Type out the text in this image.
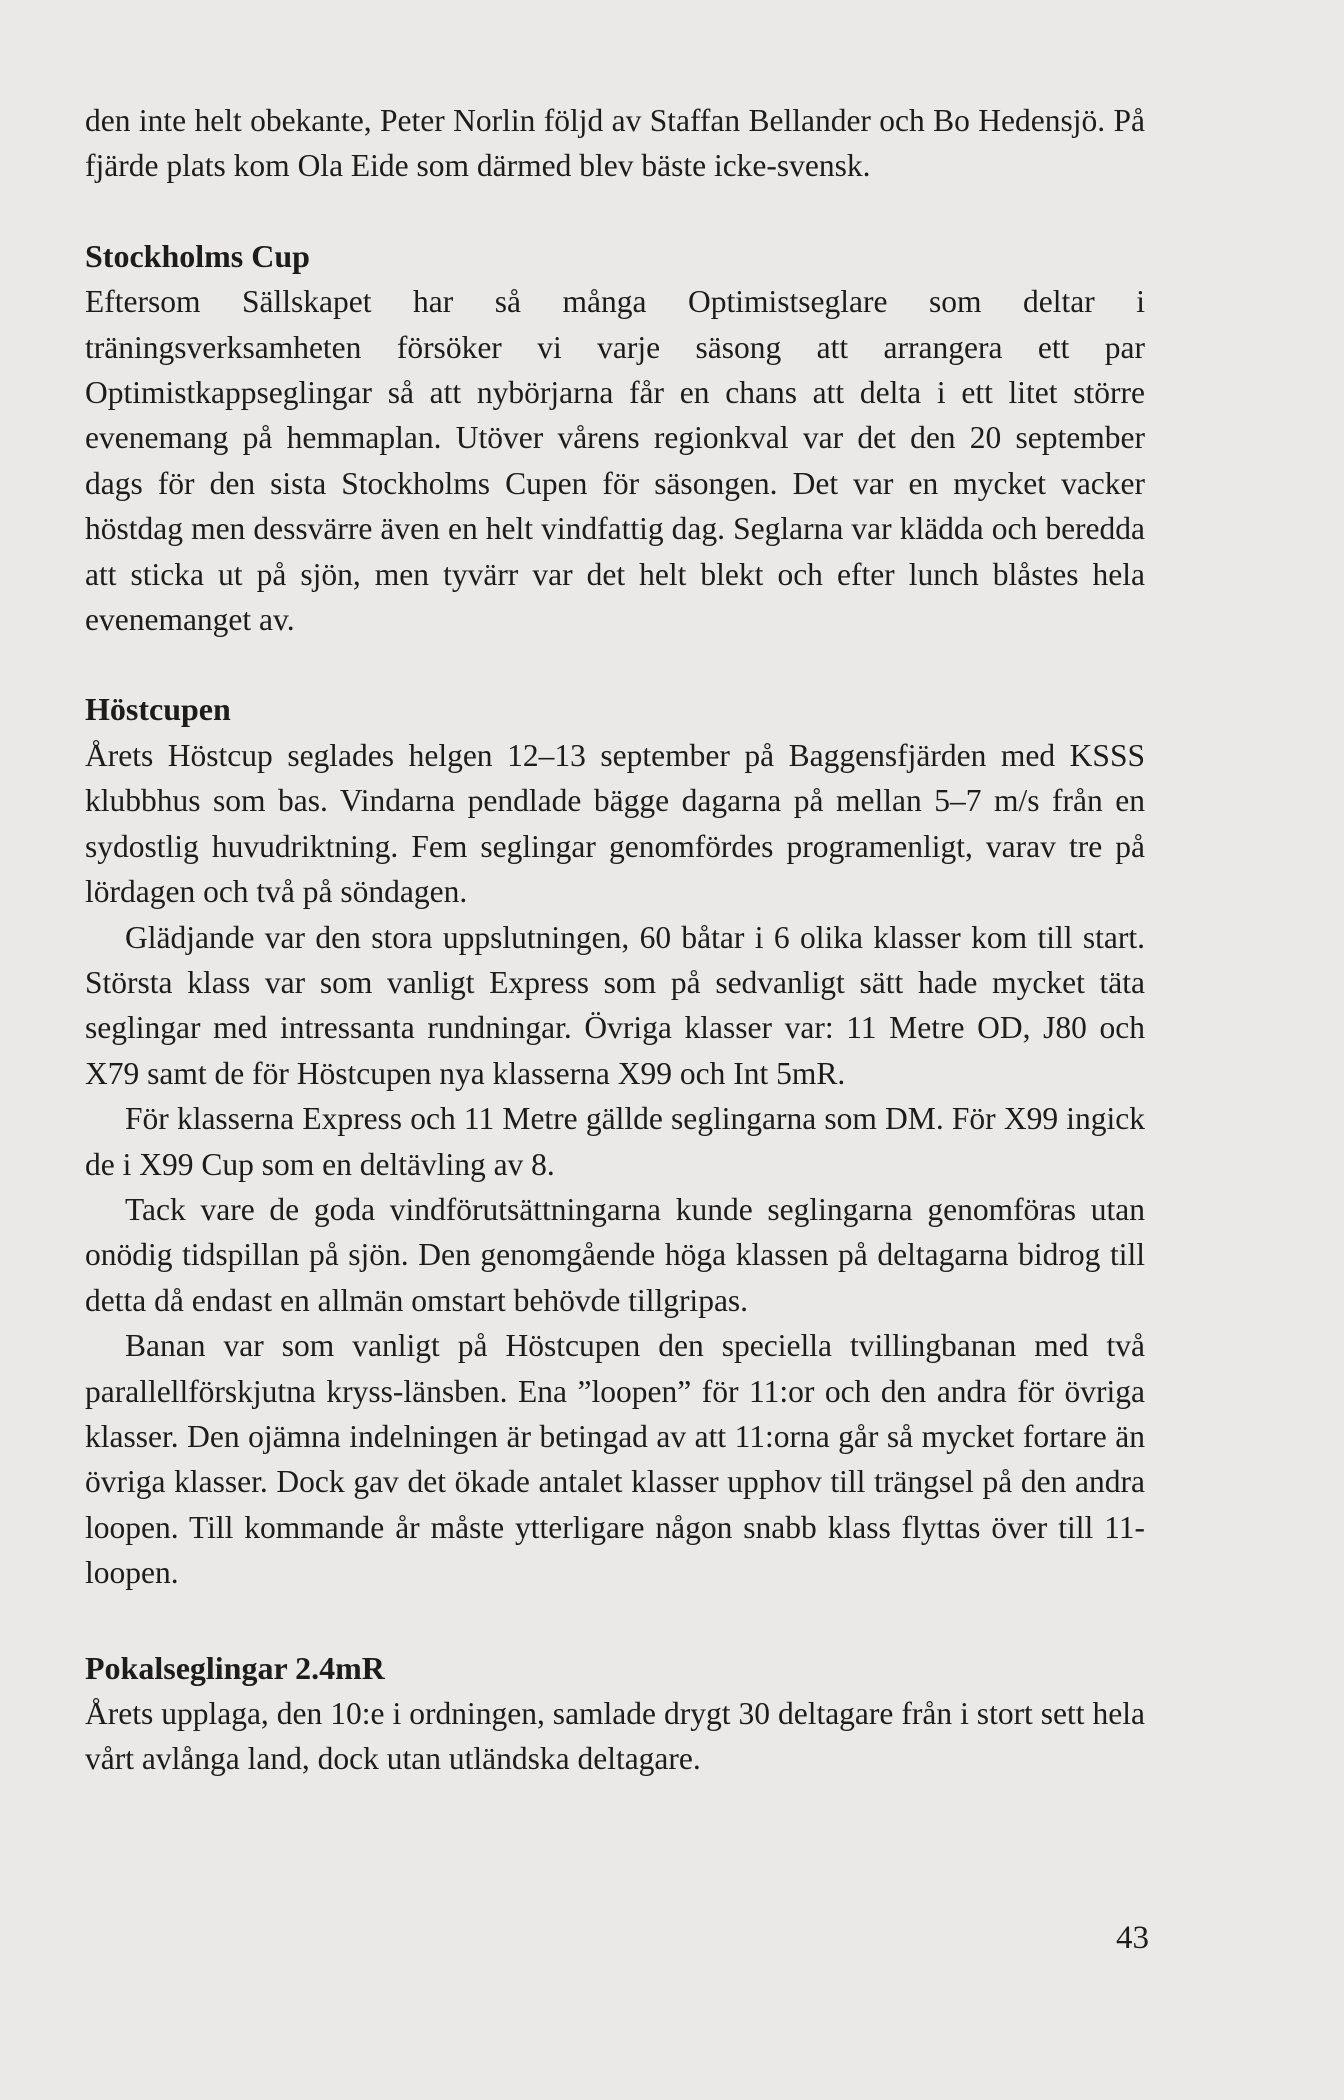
den inte helt obekante, Peter Norlin följd av Staffan Bellander och Bo Hedensjö. På fjärde plats kom Ola Eide som därmed blev bäste icke-svensk.

Stockholms Cup

Eftersom Sällskapet har så många Optimistseglare som deltar i träningsverksamheten försöker vi varje säsong att arrangera ett par Optimistkappseglingar så att nybörjarna får en chans att delta i ett litet större evenemang på hemmaplan. Utöver vårens regionkval var det den 20 september dags för den sista Stockholms Cupen för säsongen. Det var en mycket vacker höstdag men dessvärre även en helt vindfattig dag. Seglarna var klädda och beredda att sticka ut på sjön, men tyvärr var det helt blekt och efter lunch blåstes hela evenemanget av.

Höstcupen

Årets Höstcup seglades helgen 12–13 september på Baggensfjärden med KSSS klubbhus som bas. Vindarna pendlade bägge dagarna på mellan 5–7 m/s från en sydostlig huvudriktning. Fem seglingar genomfördes programenligt, varav tre på lördagen och två på söndagen.

Glädjande var den stora uppslutningen, 60 båtar i 6 olika klasser kom till start. Största klass var som vanligt Express som på sedvanligt sätt hade mycket täta seglingar med intressanta rundningar. Övriga klasser var: 11 Metre OD, J80 och X79 samt de för Höstcupen nya klasserna X99 och Int 5mR.

För klasserna Express och 11 Metre gällde seglingarna som DM. För X99 ingick de i X99 Cup som en deltävling av 8.

Tack vare de goda vindförutsättningarna kunde seglingarna genomföras utan onödig tidspillan på sjön. Den genomgående höga klassen på deltagarna bidrog till detta då endast en allmän omstart behövde tillgripas.

Banan var som vanligt på Höstcupen den speciella tvillingbanan med två parallellförskjutna kryss-länsben. Ena ”loopen” för 11:or och den andra för övriga klasser. Den ojämna indelningen är betingad av att 11:orna går så mycket fortare än övriga klasser. Dock gav det ökade antalet klasser upphov till trängsel på den andra loopen. Till kommande år måste ytterligare någon snabb klass flyttas över till 11-loopen.

Pokalseglingar 2.4mR

Årets upplaga, den 10:e i ordningen, samlade drygt 30 deltagare från i stort sett hela vårt avlånga land, dock utan utländska deltagare.

43
